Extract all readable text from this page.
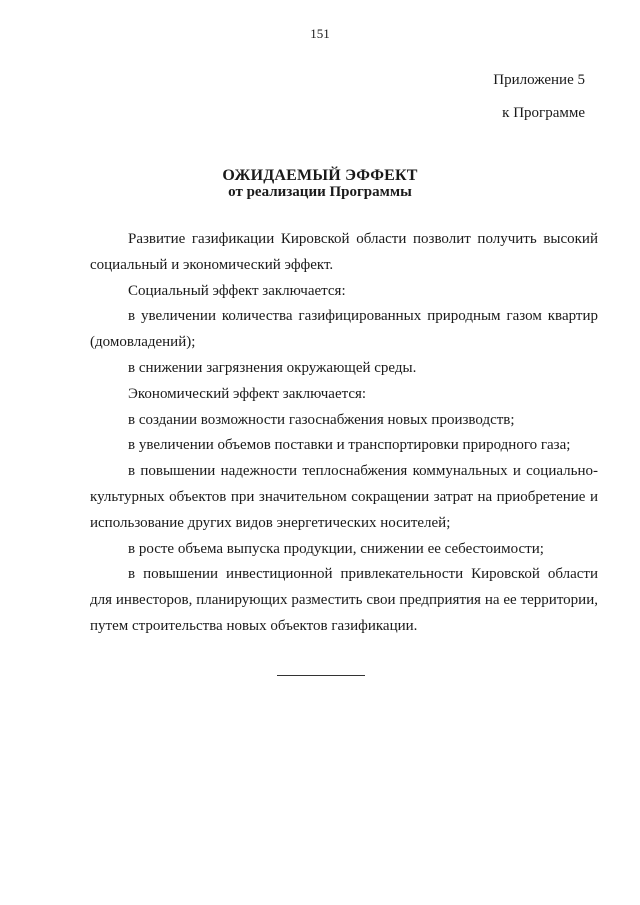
151
Приложение 5
к Программе
ОЖИДАЕМЫЙ ЭФФЕКТ
от реализации Программы

Развитие газификации Кировской области позволит получить высокий социальный и экономический эффект.

Социальный эффект заключается:

в увеличении количества газифицированных природным газом квартир (домовладений);

в снижении загрязнения окружающей среды.

Экономический эффект заключается:

в создании возможности газоснабжения новых производств;

в увеличении объемов поставки и транспортировки природного газа;

в повышении надежности теплоснабжения коммунальных и социально-культурных объектов при значительном сокращении затрат на приобретение и использование других видов энергетических носителей;

в росте объема выпуска продукции, снижении ее себестоимости;

в повышении инвестиционной привлекательности Кировской области для инвесторов, планирующих разместить свои предприятия на ее территории, путем строительства новых объектов газификации.
